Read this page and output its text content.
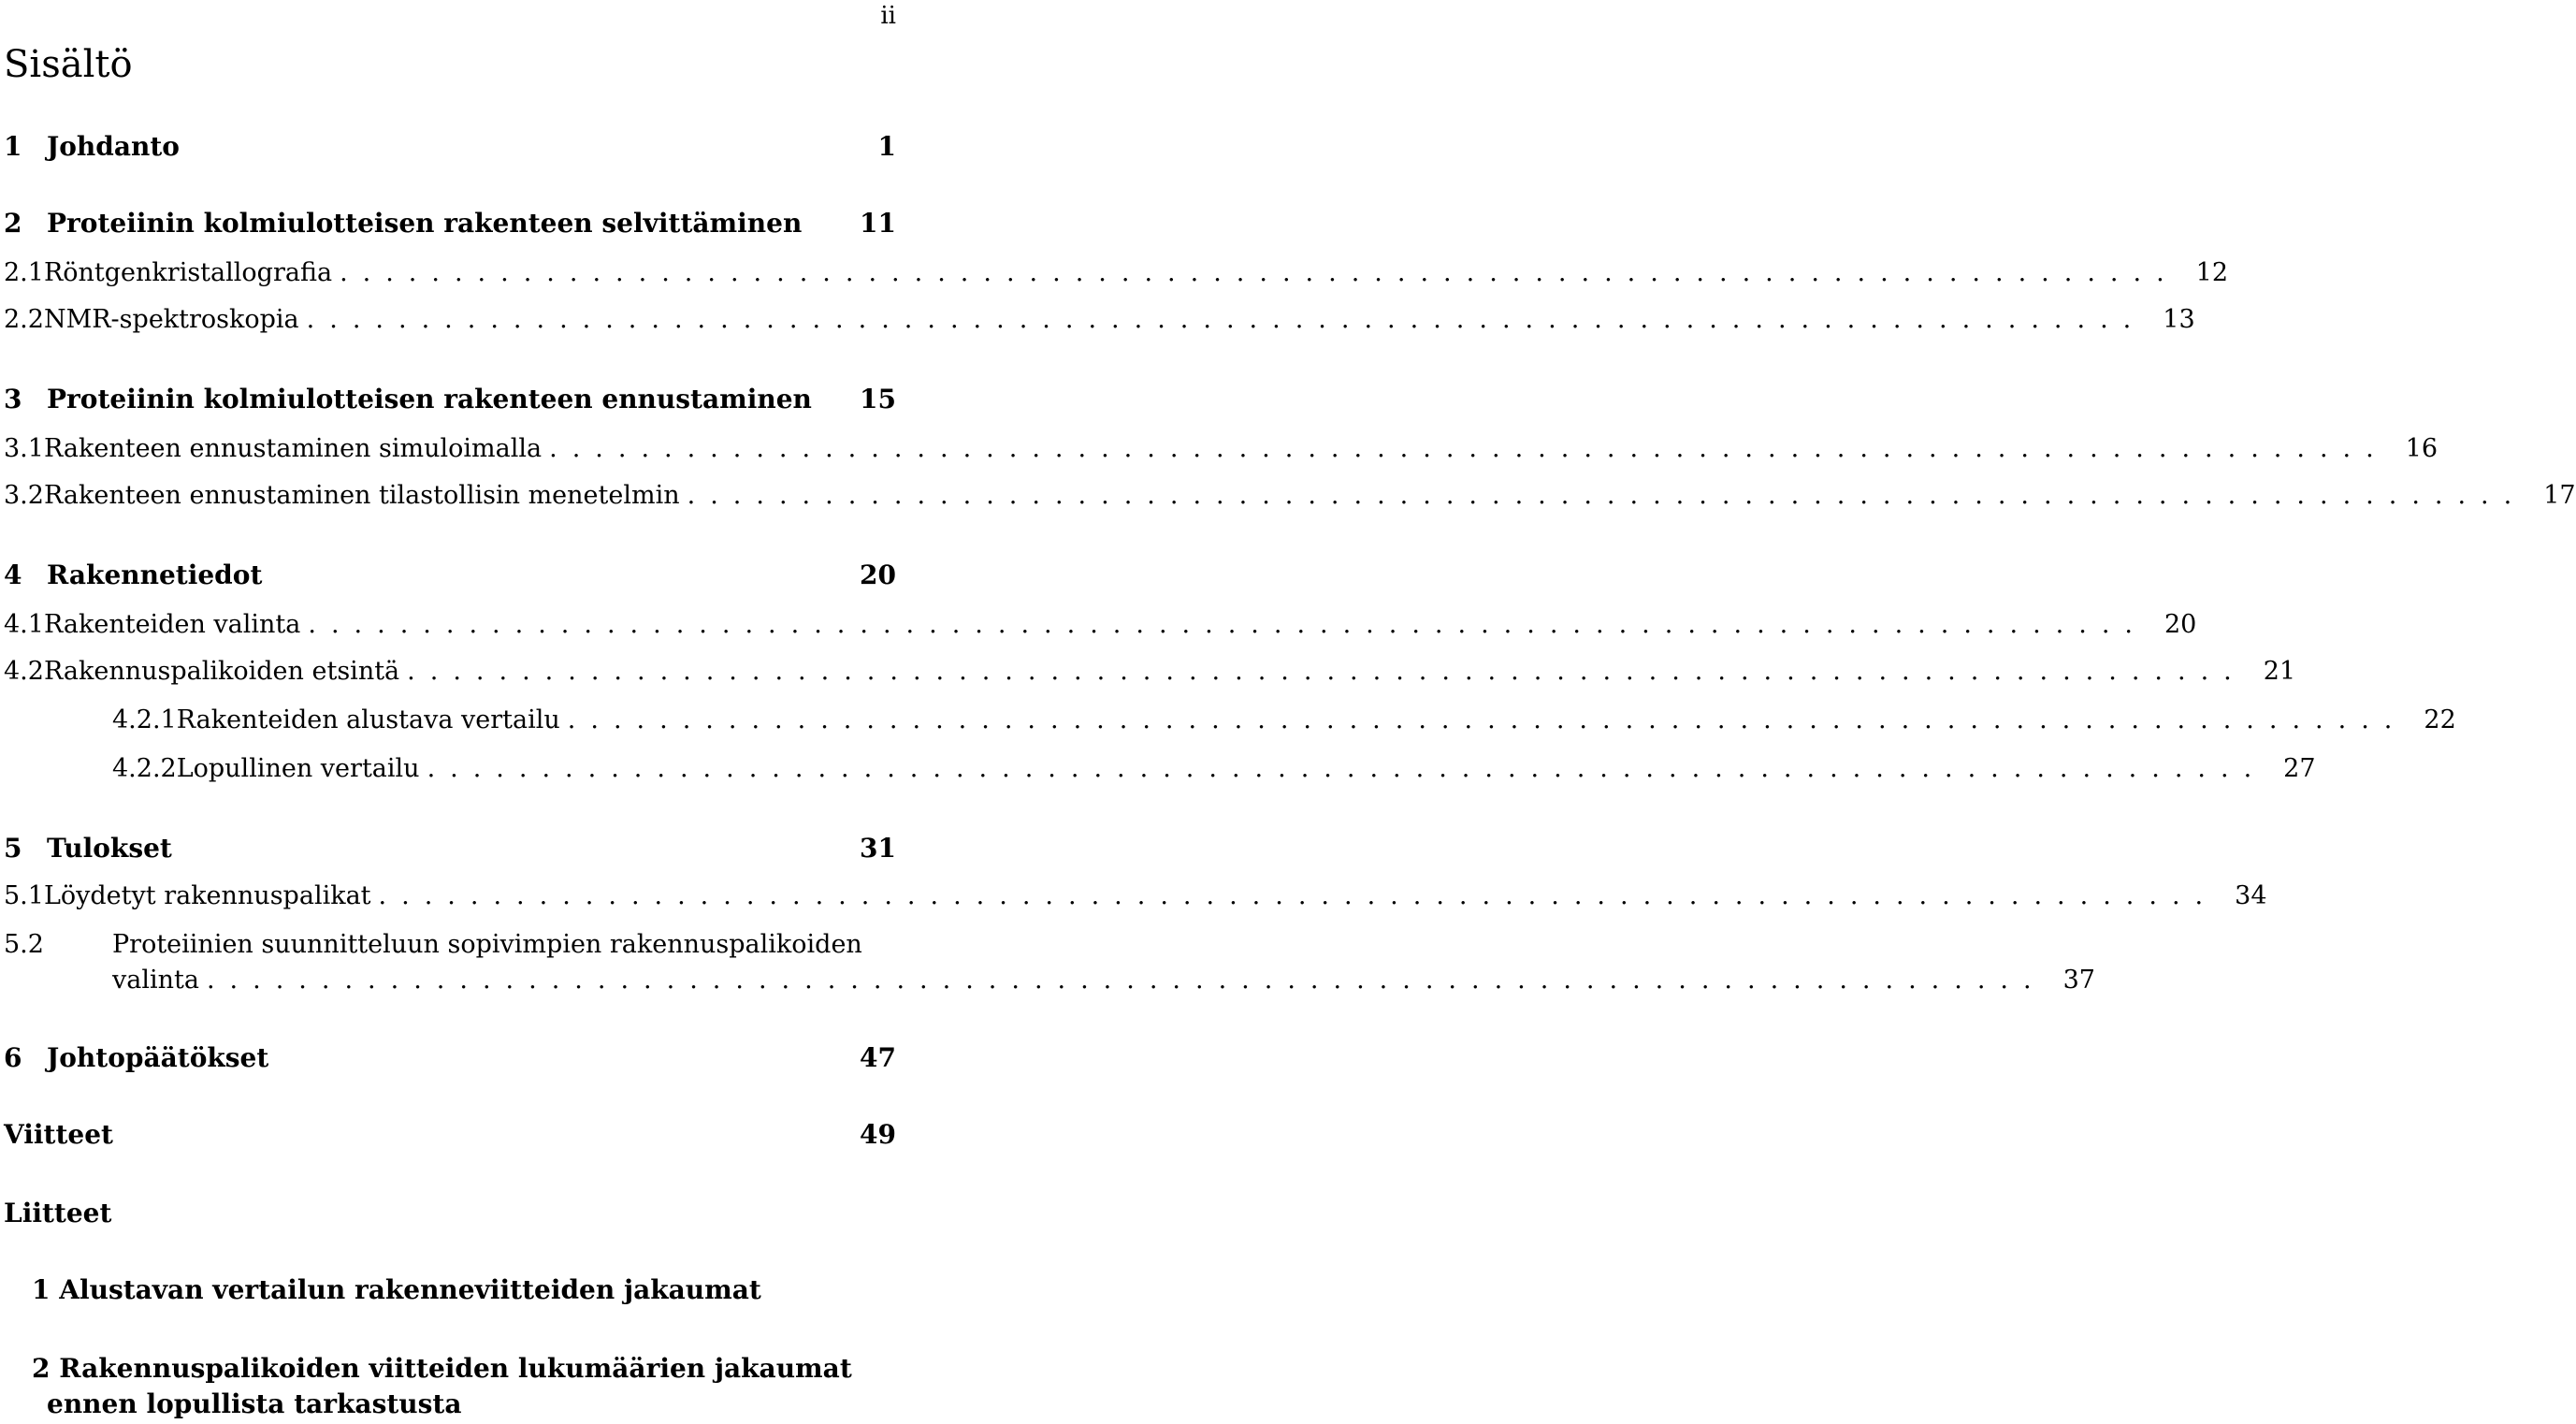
ii
Sisältö
1 Johdanto	1
2 Proteiinin kolmiulotteisen rakenteen selvittäminen 11
2.1 Röntgenkristallografia ................................................................................ 12
2.2 NMR-spektroskopia ................................................................................ 13
3 Proteiinin kolmiulotteisen rakenteen ennustaminen 15
3.1 Rakenteen ennustaminen simuloimalla ................................................................................ 16
3.2 Rakenteen ennustaminen tilastollisin menetelmin ................................................................................ 17
4 Rakennetiedot	20
4.1 Rakenteiden valinta ................................................................................ 20
4.2 Rakennuspalikoiden etsintä ................................................................................ 21
4.2.1 Rakenteiden alustava vertailu ................................................................................ 22
4.2.2 Lopullinen vertailu ................................................................................ 27
5 Tulokset	31
5.1 Löydetyt rakennuspalikat ................................................................................ 34
5.2	Proteiinien suunnitteluun sopivimpien rakennuspalikoiden
valinta ................................................................................ 37
6 Johtopäätökset	47
Viitteet	49
Liitteet
1 Alustavan vertailun rakenneviitteiden jakaumat
2 Rakennuspalikoiden viitteiden lukumäärien jakaumat
ennen lopullista tarkastusta
